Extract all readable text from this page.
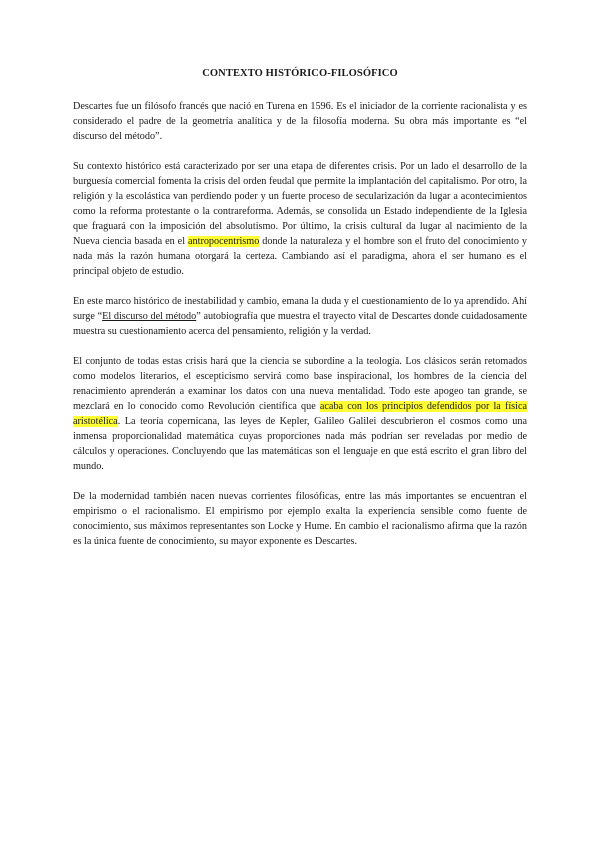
CONTEXTO HISTÓRICO-FILOSÓFICO

Descartes fue un filósofo francés que nació en Turena en 1596. Es el iniciador de la corriente racionalista y es considerado el padre de la geometría analítica y de la filosofía moderna. Su obra más importante es “el discurso del método”.

Su contexto histórico está caracterizado por ser una etapa de diferentes crisis. Por un lado el desarrollo de la burguesía comercial fomenta la crisis del orden feudal que permite la implantación del capitalismo. Por otro, la religión y la escolástica van perdiendo poder y un fuerte proceso de secularización da lugar a acontecimientos como la reforma protestante o la contrareforma. Además, se consolida un Estado independiente de la Iglesia que fraguará con la imposición del absolutismo. Por último, la crisis cultural da lugar al nacimiento de la Nueva ciencia basada en el antropocentrismo donde la naturaleza y el hombre son el fruto del conocimiento y nada más la razón humana otorgará la certeza. Cambiando así el paradigma, ahora el ser humano es el principal objeto de estudio.

En este marco histórico de inestabilidad y cambio, emana la duda y el cuestionamiento de lo ya aprendido. Ahí surge “El discurso del método” autobiografía que muestra el trayecto vital de Descartes donde cuidadosamente muestra su cuestionamiento acerca del pensamiento, religión y la verdad.

El conjunto de todas estas crisis hará que la ciencia se subordine a la teología. Los clásicos serán retomados como modelos literarios, el escepticismo servirá como base inspiracional, los hombres de la ciencia del renacimiento aprenderán a examinar los datos con una nueva mentalidad. Todo este apogeo tan grande, se mezclará en lo conocido como Revolución científica que acaba con los principios defendidos por la física aristotélica. La teoría copernicana, las leyes de Kepler, Galileo Galilei descubrieron el cosmos como una inmensa proporcionalidad matemática cuyas proporciones nada más podrían ser reveladas por medio de cálculos y operaciones. Concluyendo que las matemáticas son el lenguaje en que está escrito el gran libro del mundo.

De la modernidad también nacen nuevas corrientes filosóficas, entre las más importantes se encuentran el empirismo o el racionalismo. El empirismo por ejemplo exalta la experiencia sensible como fuente de conocimiento, sus máximos representantes son Locke y Hume. En cambio el racionalismo afirma que la razón es la única fuente de conocimiento, su mayor exponente es Descartes.
